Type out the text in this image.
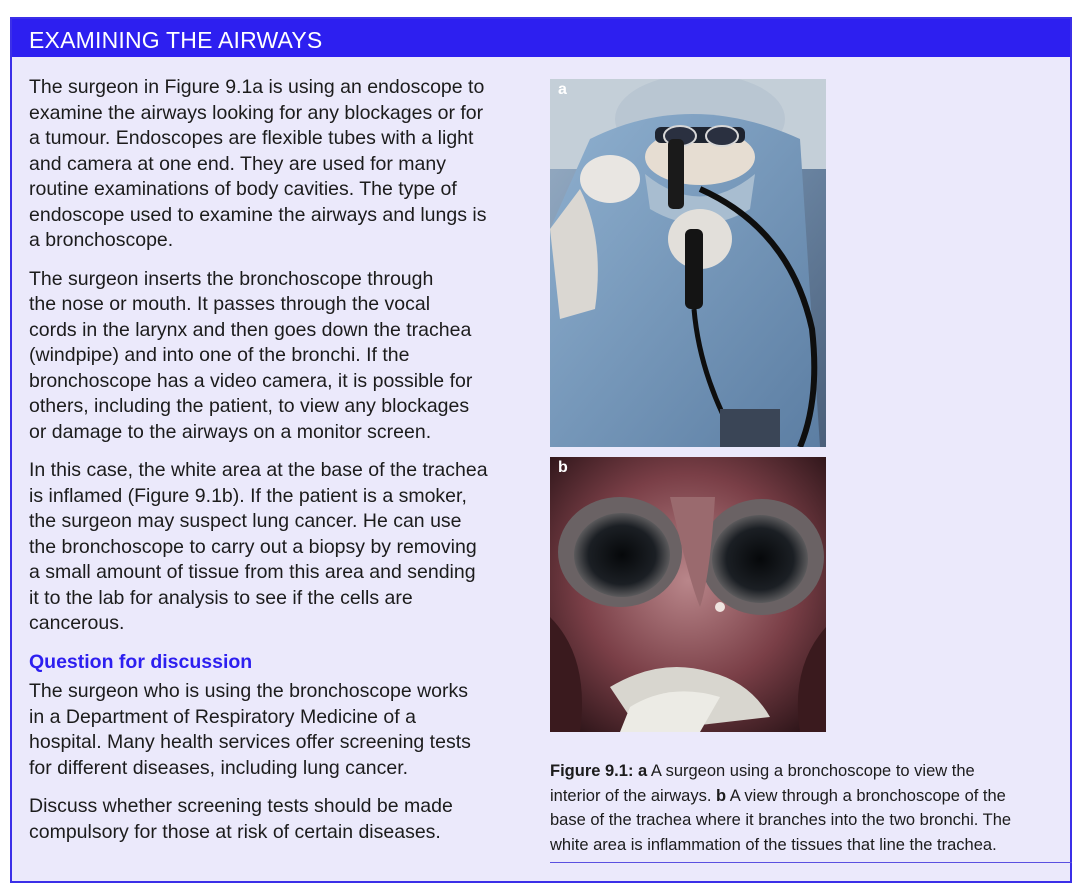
EXAMINING THE AIRWAYS

The surgeon in Figure 9.1a is using an endoscope to
examine the airways looking for any blockages or for
a tumour. Endoscopes are flexible tubes with a light
and camera at one end. They are used for many
routine examinations of body cavities. The type of
endoscope used to examine the airways and lungs is
a bronchoscope.

The surgeon inserts the bronchoscope through
the nose or mouth. It passes through the vocal
cords in the larynx and then goes down the trachea
(windpipe) and into one of the bronchi. If the
bronchoscope has a video camera, it is possible for
others, including the patient, to view any blockages
or damage to the airways on a monitor screen.

In this case, the white area at the base of the trachea
is inflamed (Figure 9.1b). If the patient is a smoker,
the surgeon may suspect lung cancer. He can use
the bronchoscope to carry out a biopsy by removing
a small amount of tissue from this area and sending
it to the lab for analysis to see if the cells are
cancerous.

Question for discussion

The surgeon who is using the bronchoscope works
in a Department of Respiratory Medicine of a
hospital. Many health services offer screening tests
for different diseases, including lung cancer.

Discuss whether screening tests should be made
compulsory for those at risk of certain diseases.

a
b
Figure 9.1: a A surgeon using a bronchoscope to view the
interior of the airways. b A view through a bronchoscope of the
base of the trachea where it branches into the two bronchi. The
white area is inflammation of the tissues that line the trachea.
